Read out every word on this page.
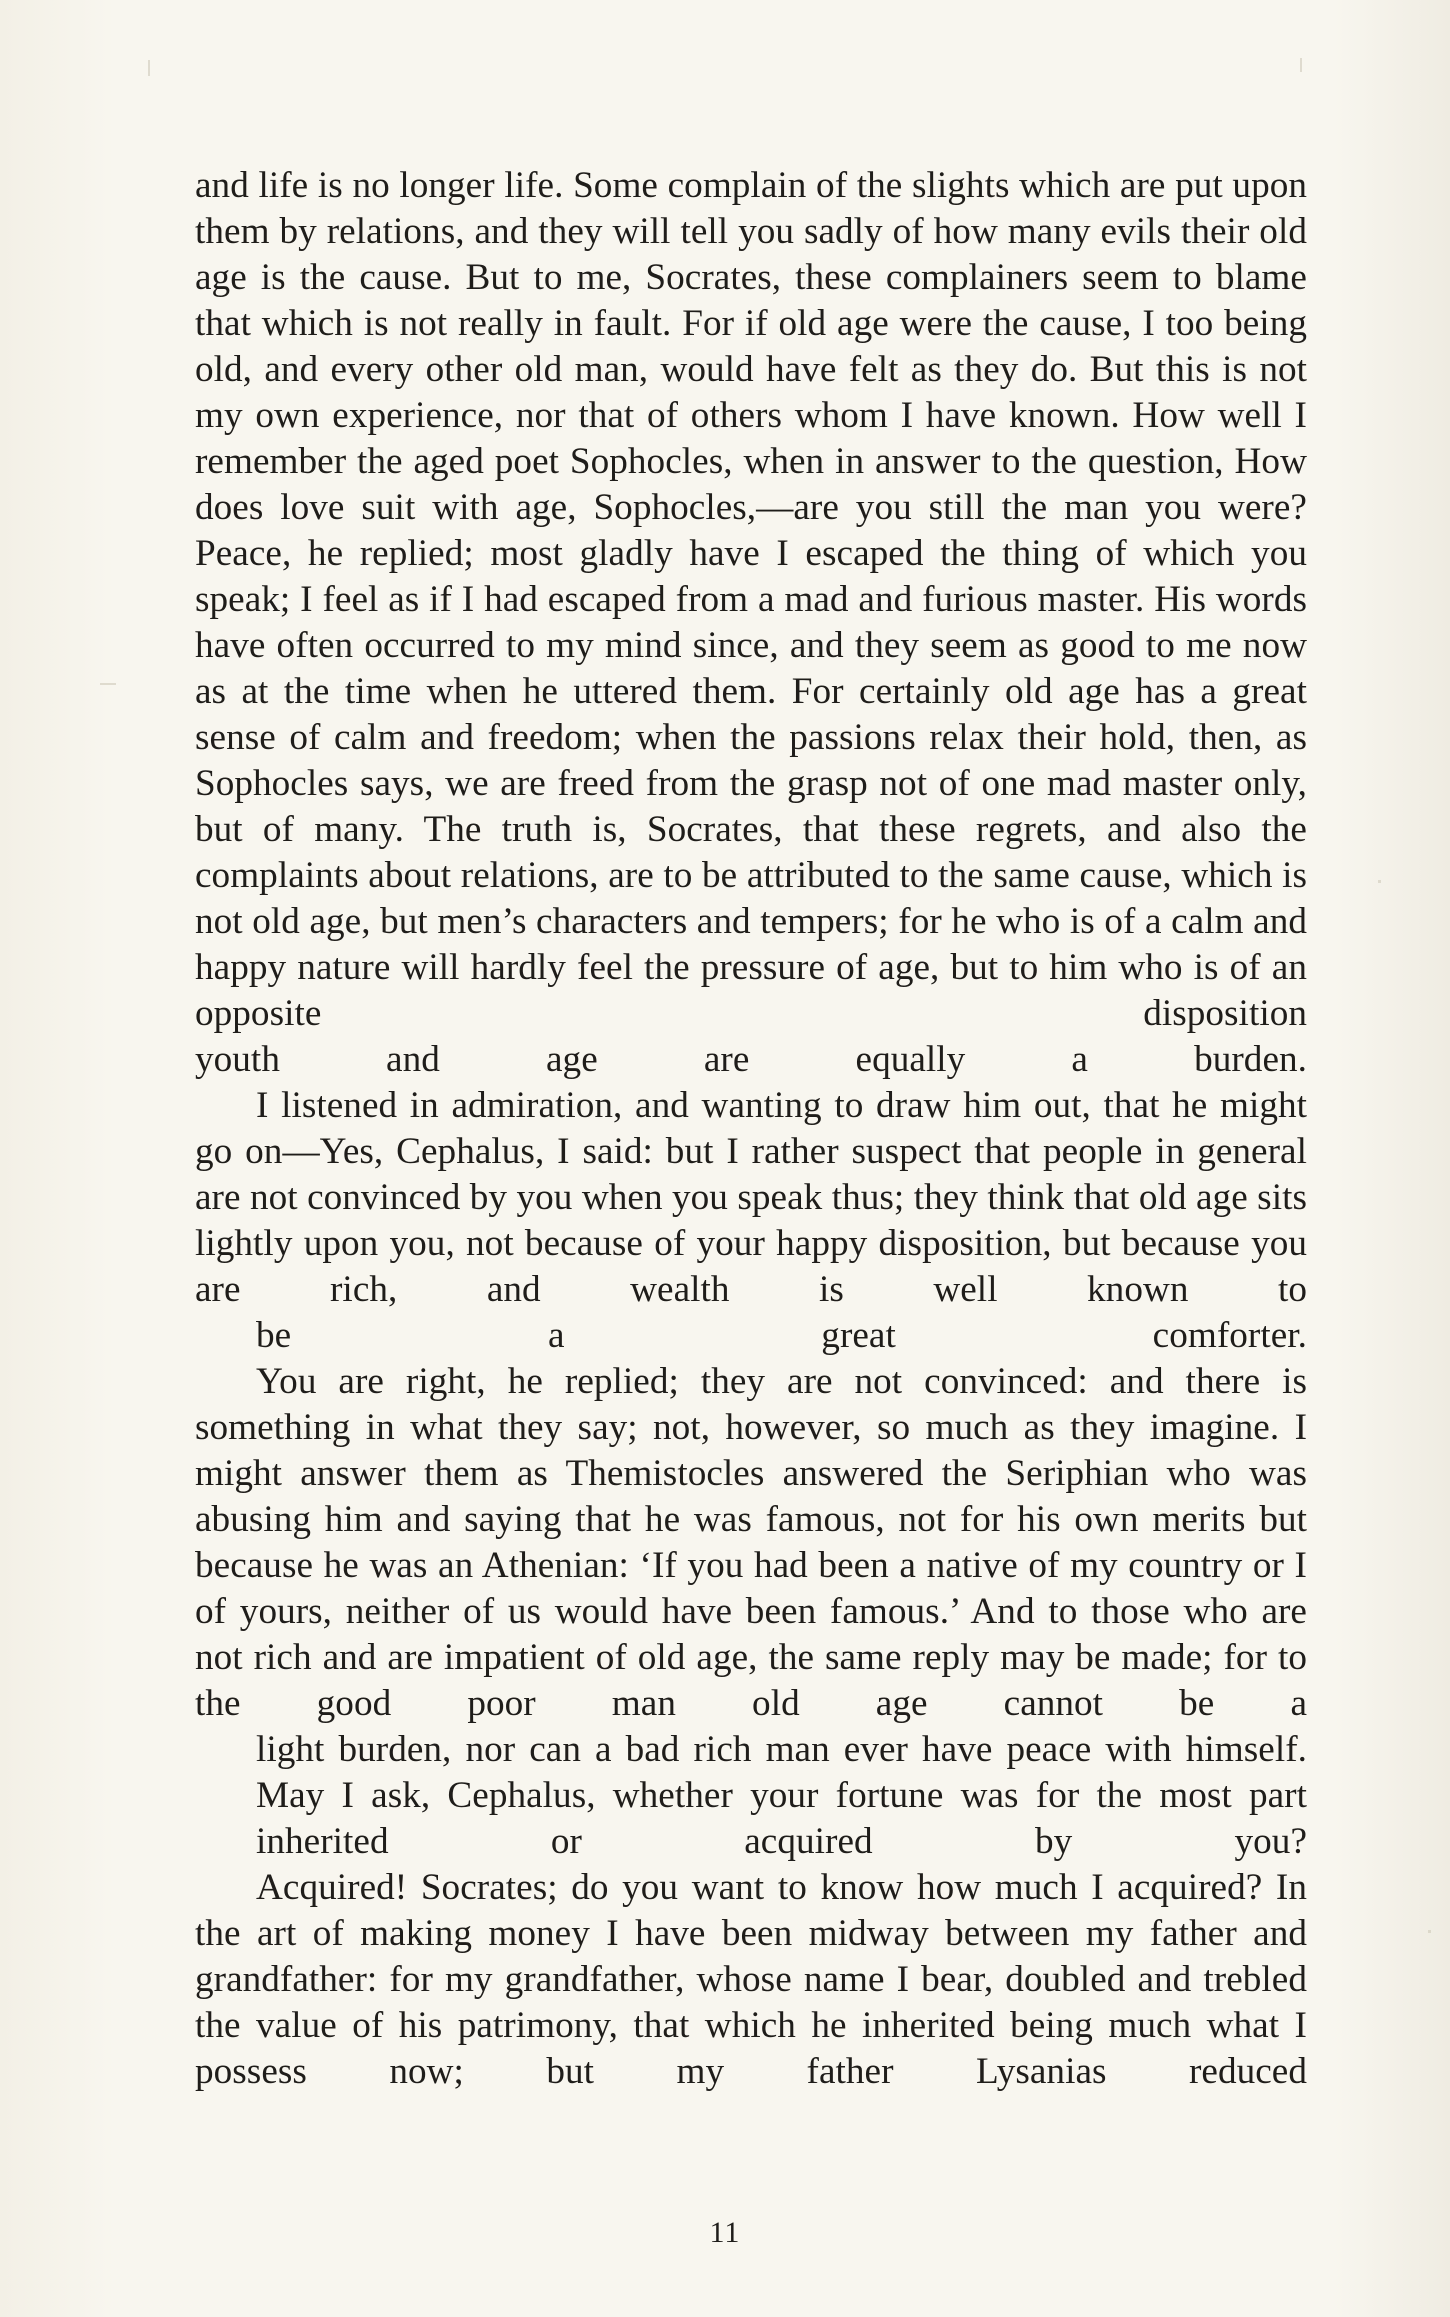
and life is no longer life. Some complain of the slights which are put upon them by relations, and they will tell you sadly of how many evils their old age is the cause. But to me, Socrates, these complainers seem to blame that which is not really in fault. For if old age were the cause, I too being old, and every other old man, would have felt as they do. But this is not my own experience, nor that of others whom I have known. How well I remember the aged poet Sophocles, when in answer to the question, How does love suit with age, Sophocles,—are you still the man you were? Peace, he replied; most gladly have I escaped the thing of which you speak; I feel as if I had escaped from a mad and furious master. His words have often occurred to my mind since, and they seem as good to me now as at the time when he uttered them. For certainly old age has a great sense of calm and freedom; when the passions relax their hold, then, as Sophocles says, we are freed from the grasp not of one mad master only, but of many. The truth is, Socrates, that these regrets, and also the complaints about relations, are to be attributed to the same cause, which is not old age, but men’s characters and tempers; for he who is of a calm and happy nature will hardly feel the pressure of age, but to him who is of an opposite disposition
youth and age are equally a burden.

I listened in admiration, and wanting to draw him out, that he might go on—Yes, Cephalus, I said: but I rather suspect that people in general are not convinced by you when you speak thus; they think that old age sits lightly upon you, not because of your happy disposition, but because you are rich, and wealth is well known to
be a great comforter.

You are right, he replied; they are not convinced: and there is something in what they say; not, however, so much as they imagine. I might answer them as Themistocles answered the Seriphian who was abusing him and saying that he was famous, not for his own merits but because he was an Athenian: ‘If you had been a native of my country or I of yours, neither of us would have been famous.’ And to those who are not rich and are impatient of old age, the same reply may be made; for to the good poor man old age cannot be a
light burden, nor can a bad rich man ever have peace with himself.

May I ask, Cephalus, whether your fortune was for the most part
inherited or acquired by you?

Acquired! Socrates; do you want to know how much I acquired? In the art of making money I have been midway between my father and grandfather: for my grandfather, whose name I bear, doubled and trebled the value of his patrimony, that which he inherited being much what I possess now; but my father Lysanias reduced

11
